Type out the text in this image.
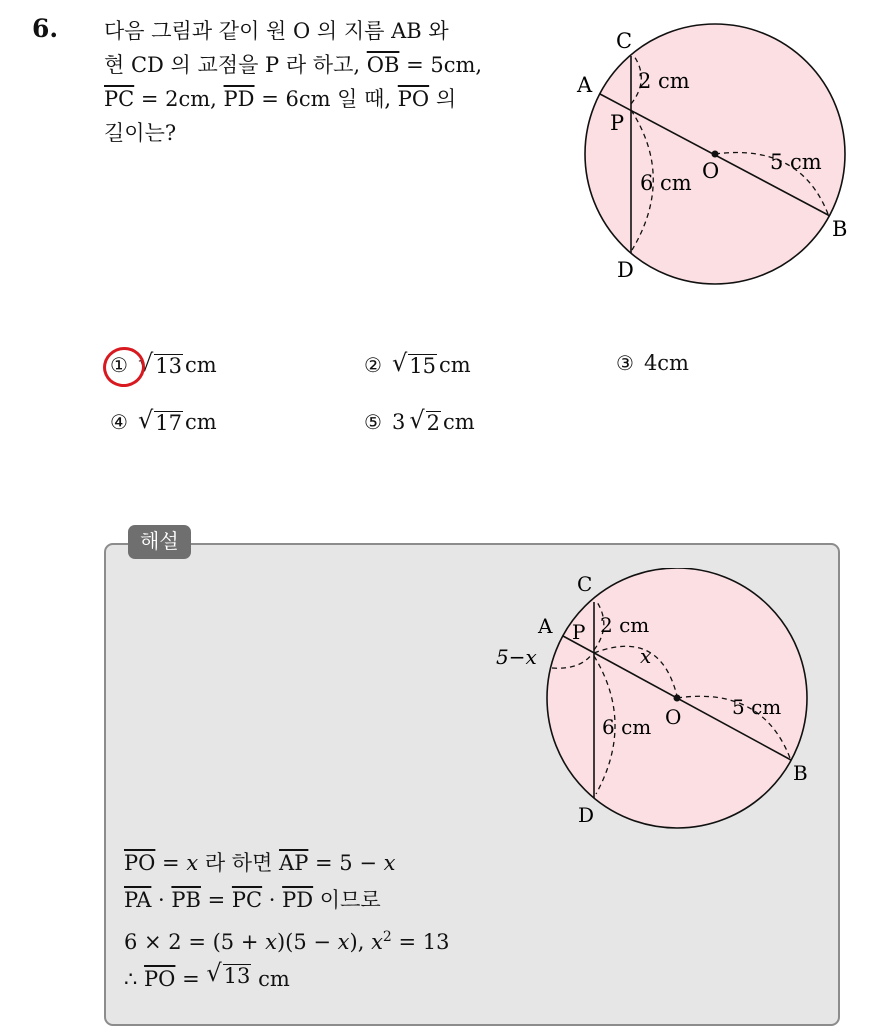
6. 다음 그림과 같이 원 O 의 지름 AB 와
현 CD 의 교점을 P 라 하고, $\overline{OB} = 5cm$,
$\overline{PC} = 2cm$, $\overline{PD} = 6cm$ 일 때, $\overline{PO}$ 의
길이는?
C
A
P
O
B
D
2 cm
6 cm
5 cm
① √ 13 cm	② √ 15 cm	③ 4cm
④ √ 17 cm	⑤ 3 √ 2 cm
해설
C
A P
O
B
D
2 cm
6 cm
5 cm
5−x	x
$\overline{PO} = x$ 라 하면 $\overline{AP} = 5 - x$
$\overline{PA} \cdot \overline{PB} = \overline{PC} \cdot \overline{PD}$ 이므로
6 × 2 = (5 + x)(5 − x), $x^2 = 13$
∴ $\overline{PO}$ = √ 13 cm
